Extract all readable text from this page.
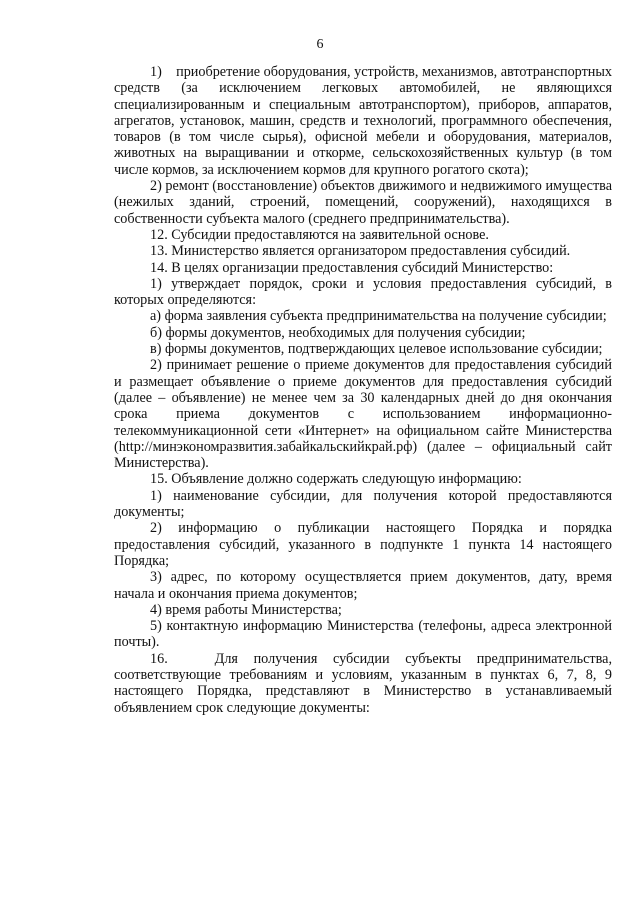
6

1)    приобретение оборудования, устройств, механизмов, автотранспортных средств (за исключением легковых автомобилей, не являющихся специализированным и специальным автотранспортом), приборов, аппаратов, агрегатов, установок, машин, средств и технологий, программного обеспечения, товаров (в том числе сырья), офисной мебели и оборудования, материалов, животных на выращивании и откорме, сельскохозяйственных культур (в том числе кормов, за исключением кормов для крупного рогатого скота);

2) ремонт (восстановление) объектов движимого и недвижимого имущества (нежилых зданий, строений, помещений, сооружений), находящихся в собственности субъекта малого (среднего предпринимательства).

12. Субсидии предоставляются на заявительной основе.

13. Министерство является организатором предоставления субсидий.

14. В целях организации предоставления субсидий Министерство:

1) утверждает порядок, сроки и условия предоставления субсидий, в которых определяются:

а) форма заявления субъекта предпринимательства на получение субсидии;

б) формы документов, необходимых для получения субсидии;

в) формы документов, подтверждающих целевое использование субсидии;

2) принимает решение о приеме документов для предоставления субсидий и размещает объявление о приеме документов для предоставления субсидий (далее – объявление) не менее чем за 30 календарных дней до дня окончания срока приема документов с использованием информационно-телекоммуникационной сети «Интернет» на официальном сайте Министерства (http://минэкономразвития.забайкальскийкрай.рф) (далее – официальный сайт Министерства).

15. Объявление должно содержать следующую информацию:

1) наименование субсидии, для получения которой предоставляются документы;

2) информацию о публикации настоящего Порядка и порядка предоставления субсидий, указанного в подпункте 1 пункта 14 настоящего Порядка;

3) адрес, по которому осуществляется прием документов, дату, время начала и окончания приема документов;

4) время работы Министерства;

5) контактную информацию Министерства (телефоны, адреса электронной почты).

16.   Для получения субсидии субъекты предпринимательства, соответствующие требованиям и условиям, указанным в пунктах 6, 7, 8, 9 настоящего Порядка, представляют в Министерство в устанавливаемый объявлением срок следующие документы:
